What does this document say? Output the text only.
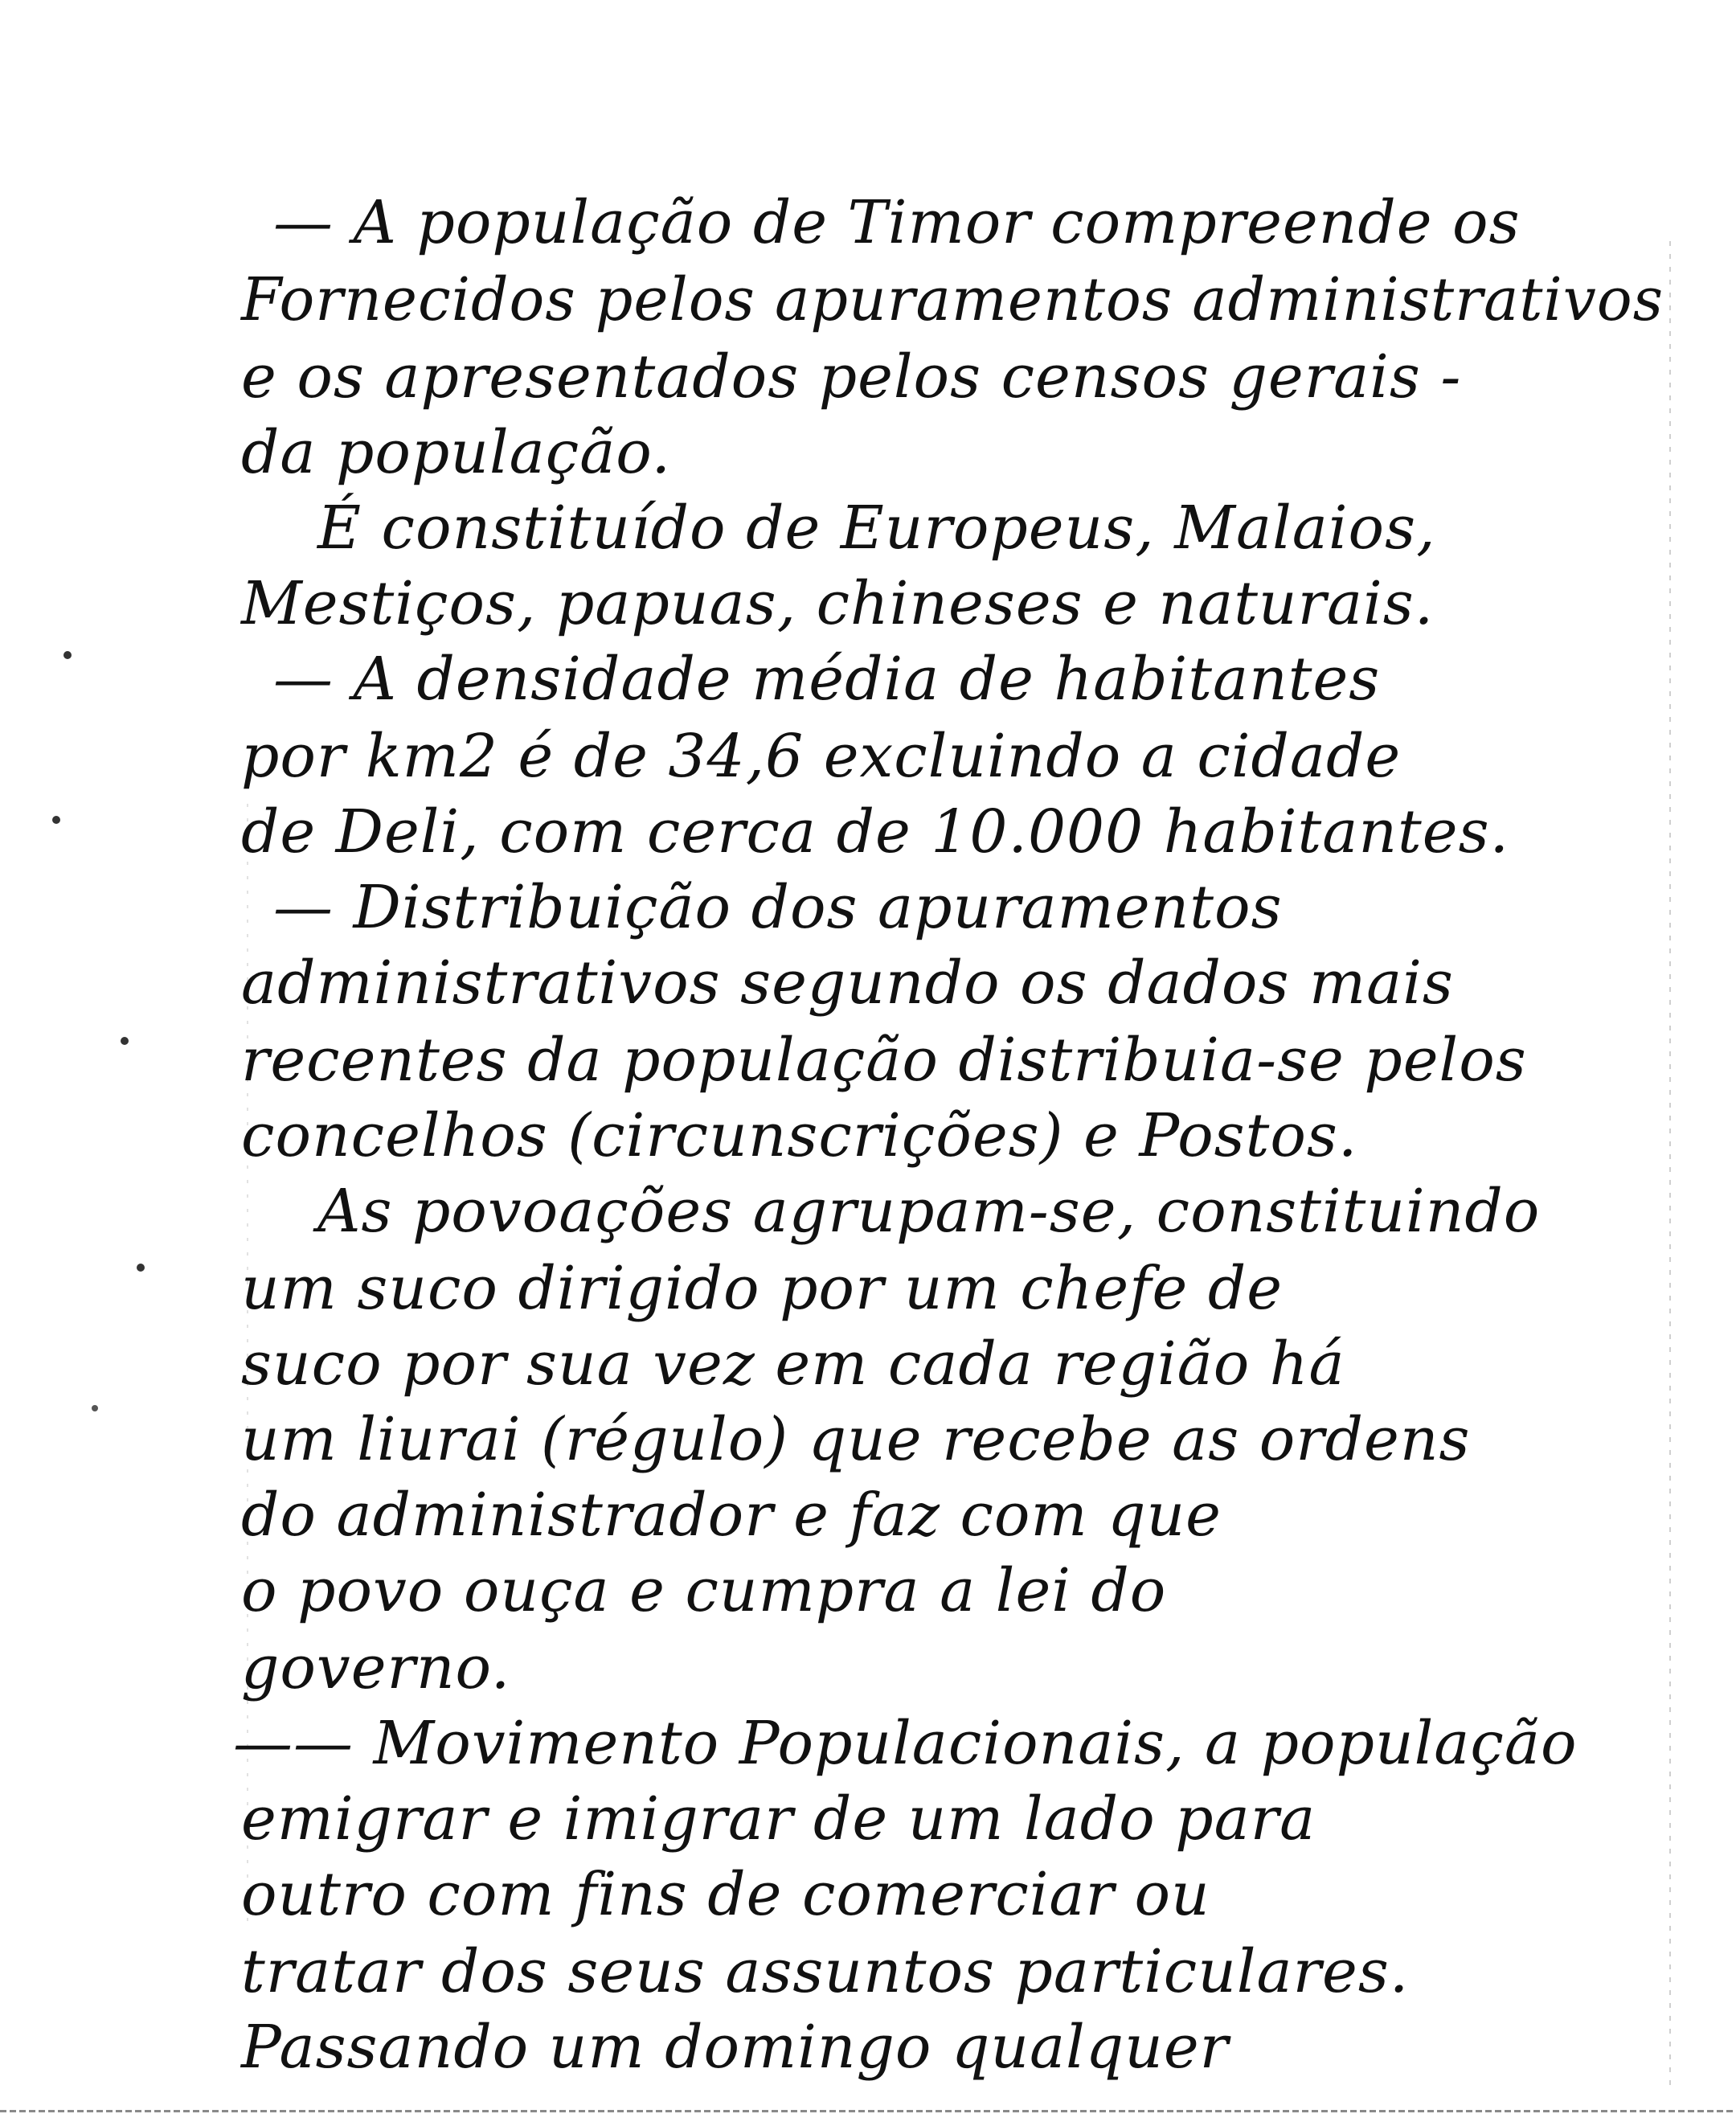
— A população de Timor compreende os
Fornecidos pelos apuramentos administrativos
e os apresentados pelos censos gerais -
da população.
É constituído de Europeus, Malaios,
Mestiços, papuas, chineses e naturais.
— A densidade média de habitantes
por km2 é de 34,6 excluindo a cidade
de Deli, com cerca de 10.000 habitantes.
— Distribuição dos apuramentos
administrativos segundo os dados mais
recentes da população distribuia-se pelos
concelhos (circunscrições) e Postos.
As povoações agrupam-se, constituindo
um suco dirigido por um chefe de
suco por sua vez em cada região há
um liurai (régulo) que recebe as ordens
do administrador e faz com que
o povo ouça e cumpra a lei do
governo.
—— Movimento Populacionais, a população
emigrar e imigrar de um lado para
outro com fins de comerciar ou
tratar dos seus assuntos particulares.
Passando um domingo qualquer
